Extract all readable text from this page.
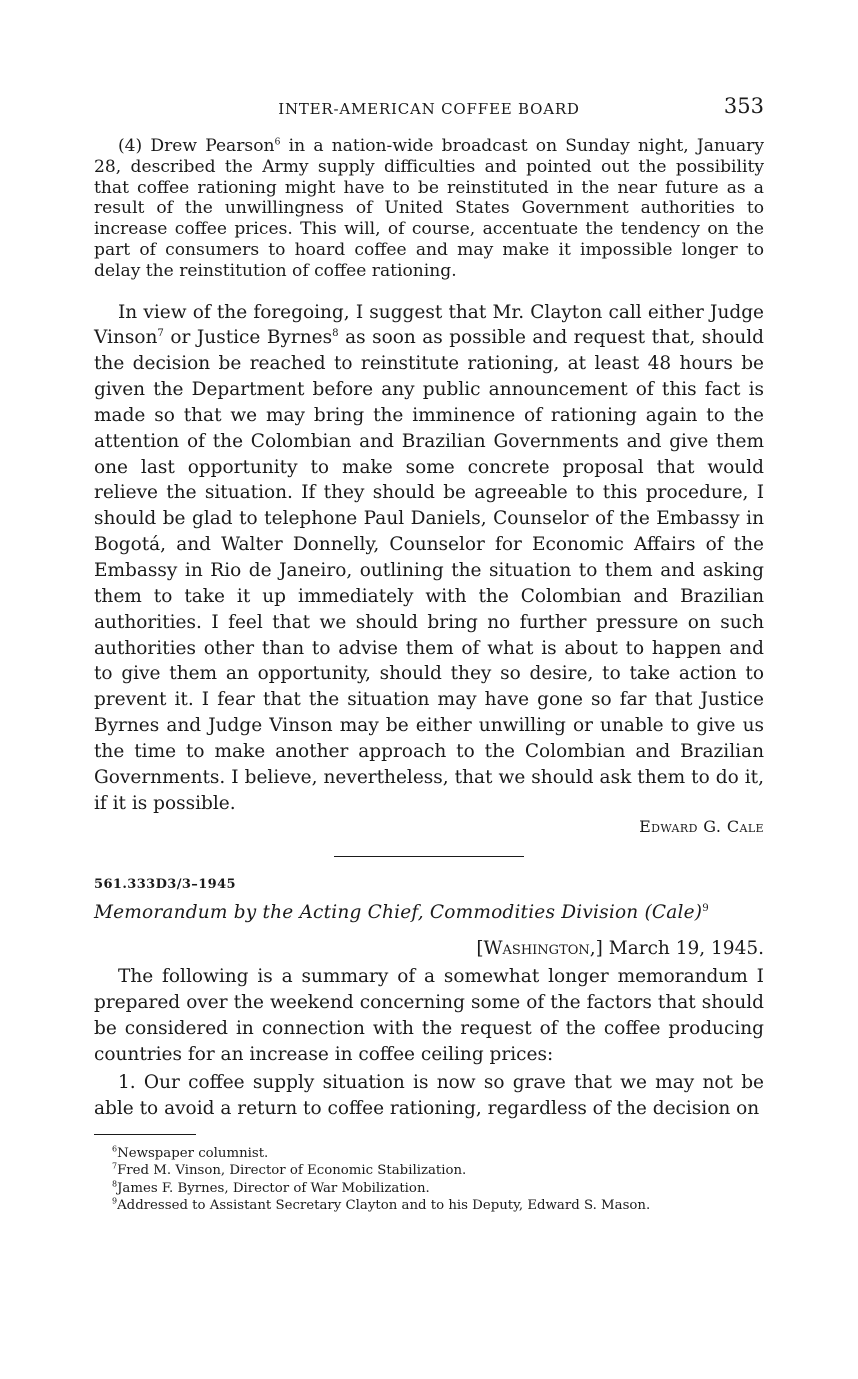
INTER-AMERICAN COFFEE BOARD	353

(4) Drew Pearson$^6$ in a nation-wide broadcast on Sunday night, January 28, described the Army supply difficulties and pointed out the possibility that coffee rationing might have to be reinstituted in the near future as a result of the unwillingness of United States Government authorities to increase coffee prices. This will, of course, accentuate the tendency on the part of consumers to hoard coffee and may make it impossible longer to delay the reinstitution of coffee rationing.

In view of the foregoing, I suggest that Mr. Clayton call either Judge Vinson$^7$ or Justice Byrnes$^8$ as soon as possible and request that, should the decision be reached to reinstitute rationing, at least 48 hours be given the Department before any public announcement of this fact is made so that we may bring the imminence of rationing again to the attention of the Colombian and Brazilian Governments and give them one last opportunity to make some concrete proposal that would relieve the situation. If they should be agreeable to this procedure, I should be glad to telephone Paul Daniels, Counselor of the Embassy in Bogotá, and Walter Donnelly, Counselor for Economic Affairs of the Embassy in Rio de Janeiro, outlining the situation to them and asking them to take it up immediately with the Colombian and Brazilian authorities. I feel that we should bring no further pressure on such authorities other than to advise them of what is about to happen and to give them an opportunity, should they so desire, to take action to prevent it. I fear that the situation may have gone so far that Justice Byrnes and Judge Vinson may be either unwilling or unable to give us the time to make another approach to the Colombian and Brazilian Governments. I believe, nevertheless, that we should ask them to do it, if it is possible.

Edward G. Cale
561.333D3/3–1945
Memorandum by the Acting Chief, Commodities Division (Cale)$^9$
[Washington,] March 19, 1945.

The following is a summary of a somewhat longer memorandum I prepared over the weekend concerning some of the factors that should be considered in connection with the request of the coffee producing countries for an increase in coffee ceiling prices:

1. Our coffee supply situation is now so grave that we may not be able to avoid a return to coffee rationing, regardless of the decision on

$^6$Newspaper columnist.
$^7$Fred M. Vinson, Director of Economic Stabilization.
$^8$James F. Byrnes, Director of War Mobilization.
$^9$Addressed to Assistant Secretary Clayton and to his Deputy, Edward S. Mason.
